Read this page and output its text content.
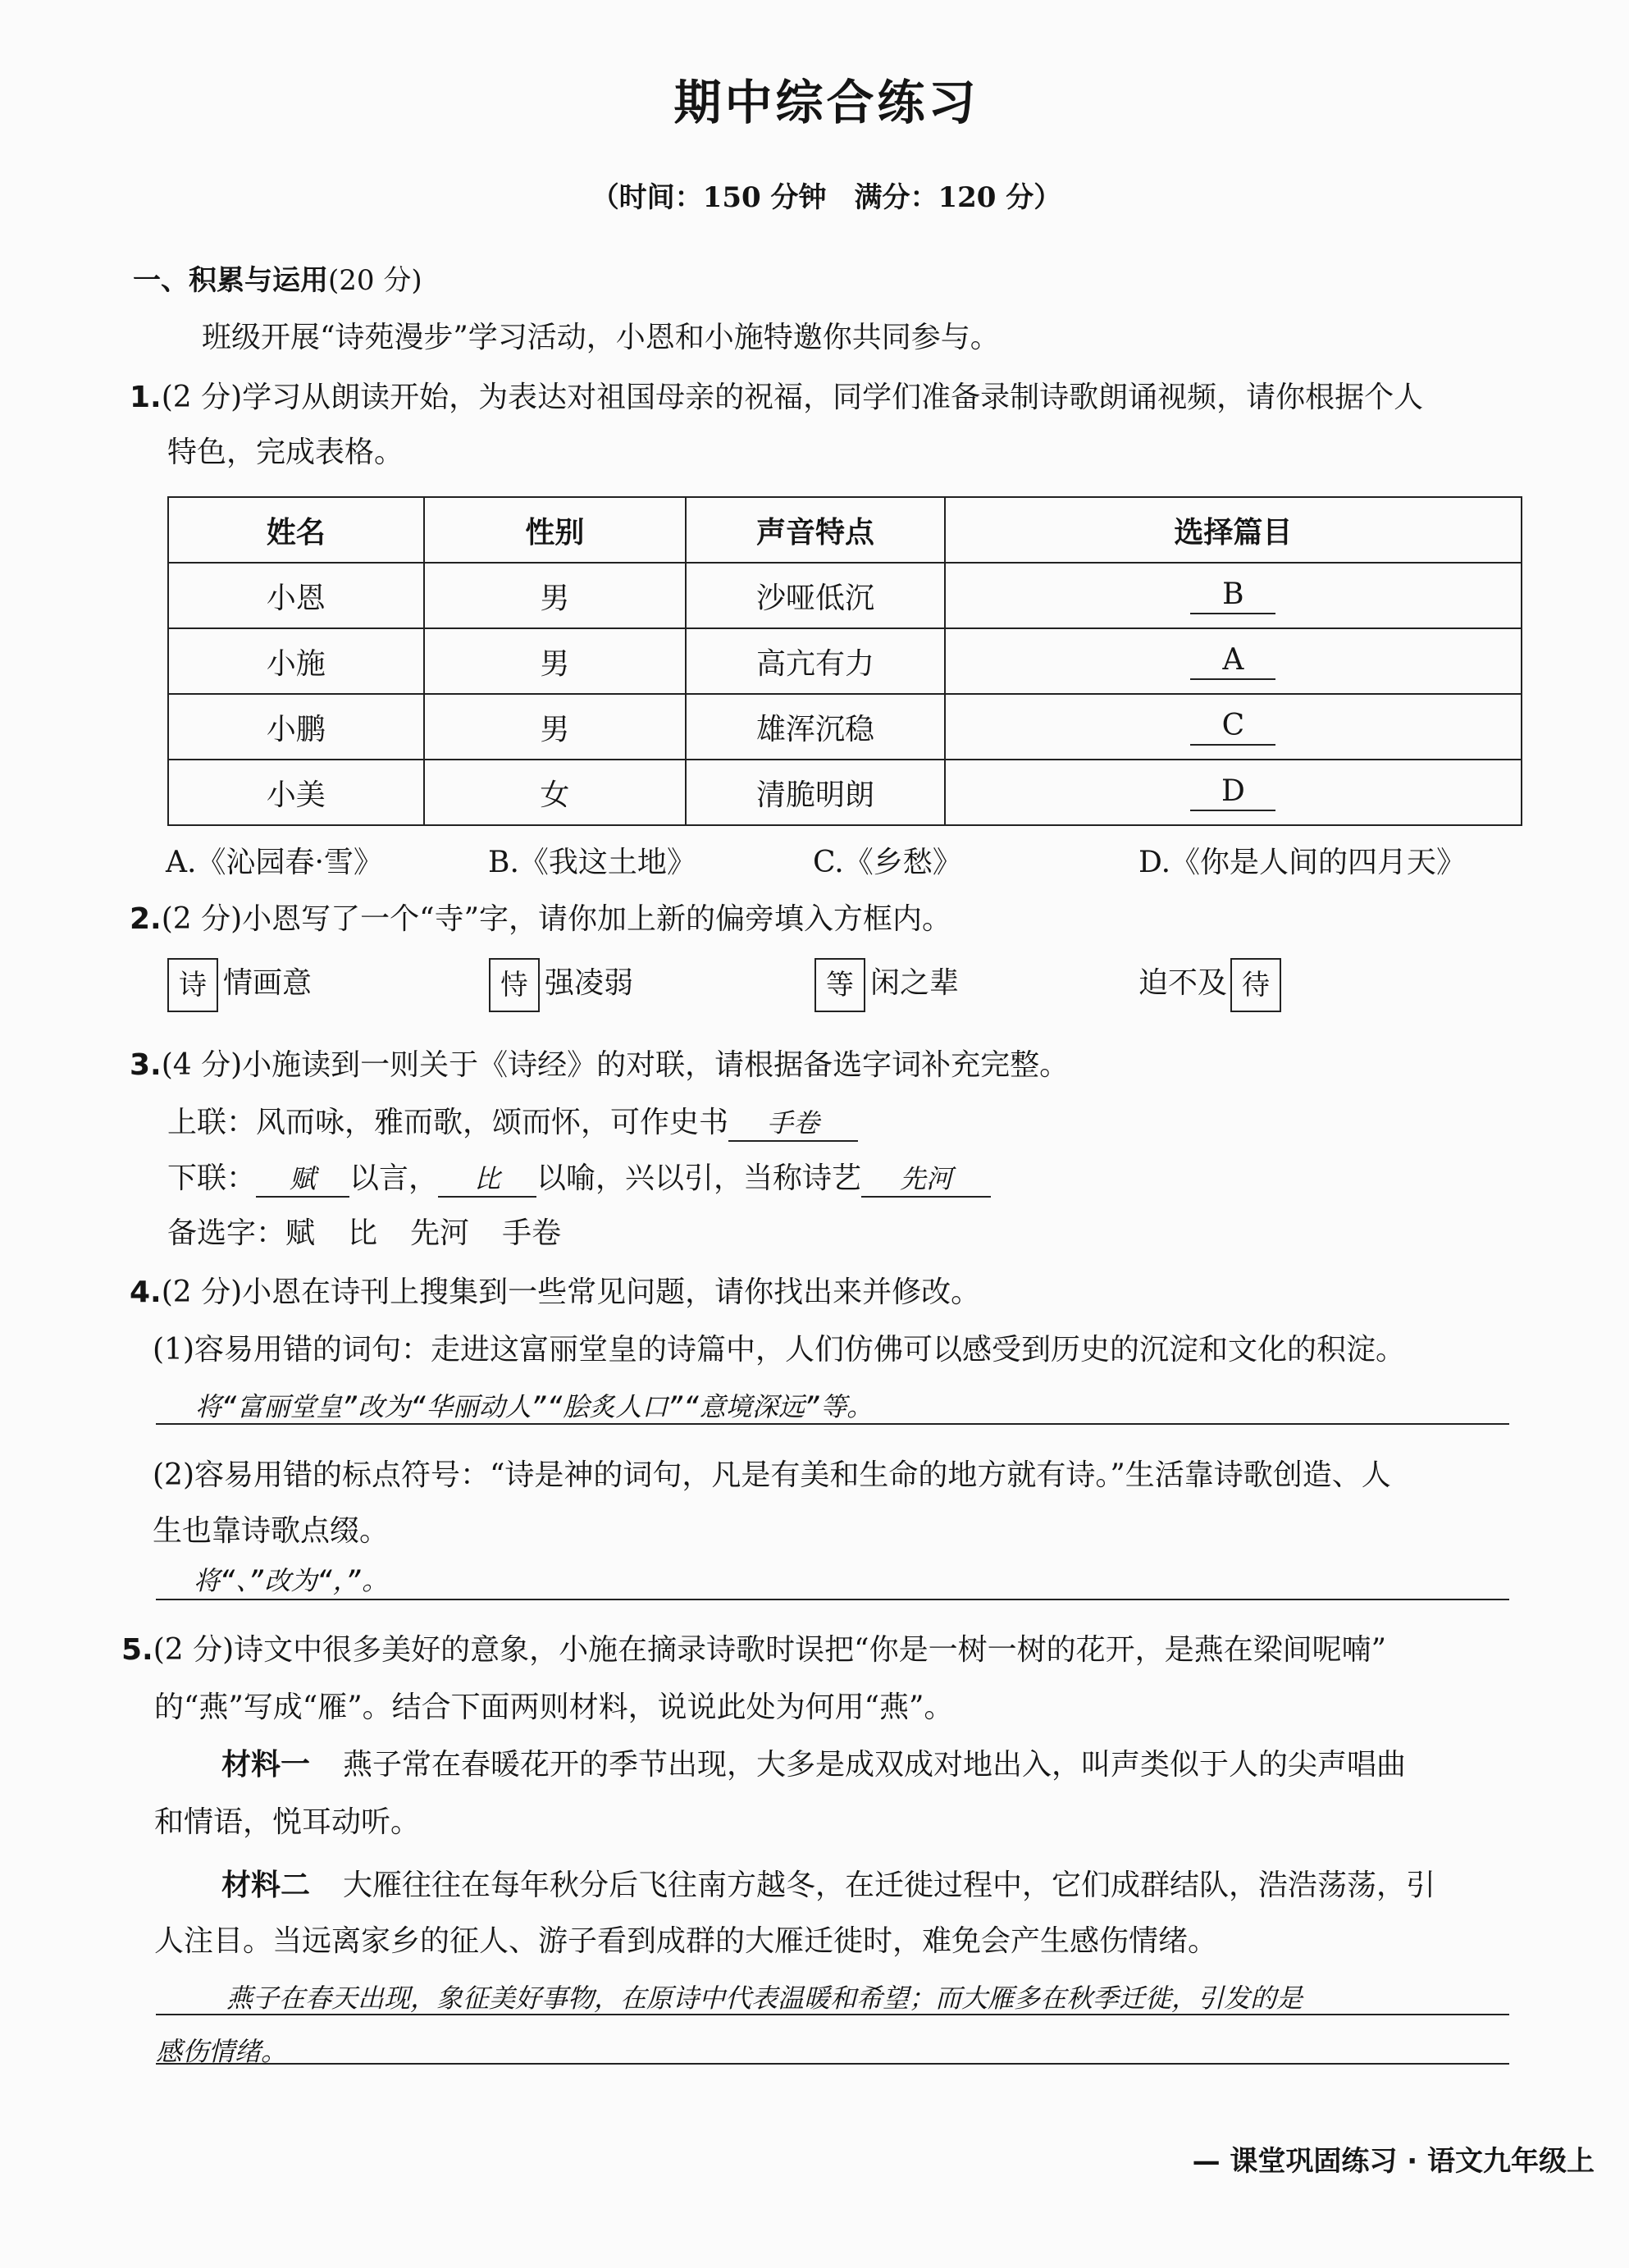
期中综合练习
（时间：150 分钟　满分：120 分）
一、积累与运用(20 分)
班级开展“诗苑漫步”学习活动，小恩和小施特邀你共同参与。
1.(2 分)学习从朗读开始，为表达对祖国母亲的祝福，同学们准备录制诗歌朗诵视频，请你根据个人
特色，完成表格。
姓名	性别	声音特点	选择篇目
小恩	男	沙哑低沉	B
小施	男	高亢有力	A
小鹏	男	雄浑沉稳	C
小美	女	清脆明朗	D
A.《沁园春·雪》	B.《我这土地》	C.《乡愁》	D.《你是人间的四月天》
2.(2 分)小恩写了一个“寺”字，请你加上新的偏旁填入方框内。
诗 情画意	恃 强凌弱	等 闲之辈	迫不及 待
3.(4 分)小施读到一则关于《诗经》的对联，请根据备选字词补充完整。
上联：风而咏，雅而歌，颂而怀，可作史书 手卷
下联： 赋 以言， 比 以喻，兴以引，当称诗艺 先河
备选字：赋 比 先河 手卷
4.(2 分)小恩在诗刊上搜集到一些常见问题，请你找出来并修改。
(1)容易用错的词句：走进这富丽堂皇的诗篇中，人们仿佛可以感受到历史的沉淀和文化的积淀。
将“富丽堂皇”改为“华丽动人”“脍炙人口”“意境深远”等。
(2)容易用错的标点符号：“诗是神的词句，凡是有美和生命的地方就有诗。”生活靠诗歌创造、人
生也靠诗歌点缀。
将“、”改为“，”。
5.(2 分)诗文中很多美好的意象，小施在摘录诗歌时误把“你是一树一树的花开，是燕在梁间呢喃”
的“燕”写成“雁”。结合下面两则材料，说说此处为何用“燕”。
材料一 燕子常在春暖花开的季节出现，大多是成双成对地出入，叫声类似于人的尖声唱曲
和情语，悦耳动听。
材料二 大雁往往在每年秋分后飞往南方越冬，在迁徙过程中，它们成群结队，浩浩荡荡，引
人注目。当远离家乡的征人、游子看到成群的大雁迁徙时，难免会产生感伤情绪。
燕子在春天出现，象征美好事物，在原诗中代表温暖和希望；而大雁多在秋季迁徙，引发的是
感伤情绪。
— 课堂巩固练习 · 语文九年级上
